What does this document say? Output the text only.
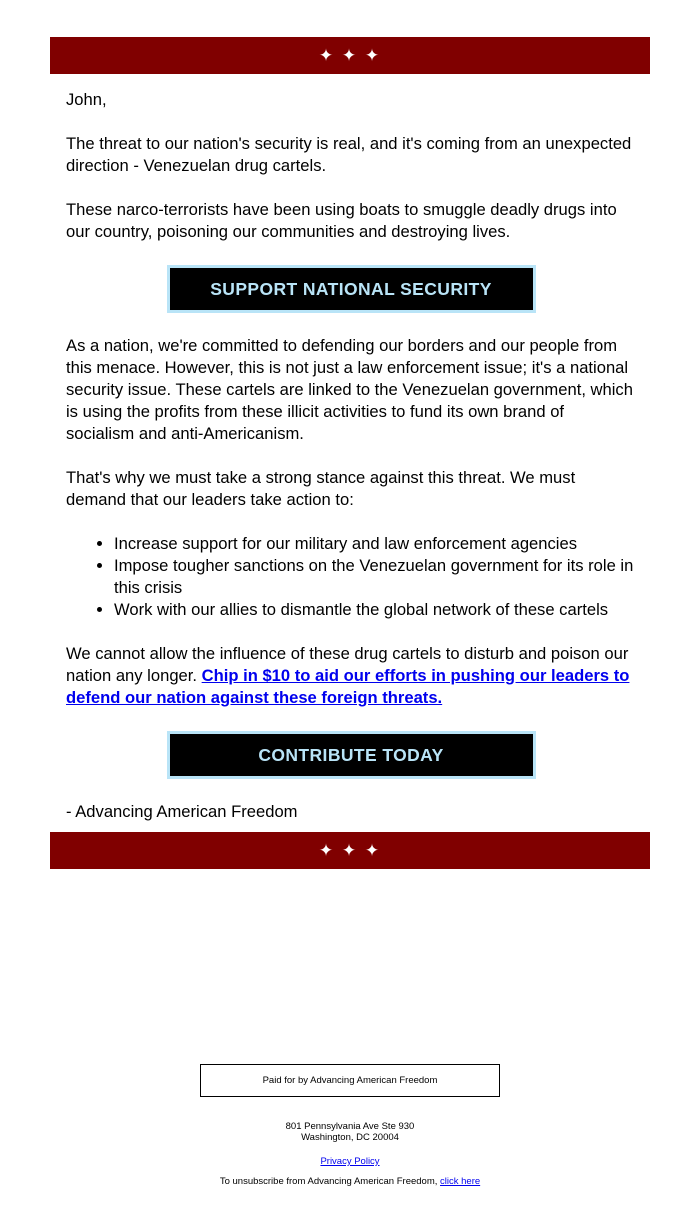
✦ ✦ ✦

John,

The threat to our nation's security is real, and it's coming from an unexpected direction - Venezuelan drug cartels.

These narco-terrorists have been using boats to smuggle deadly drugs into our country, poisoning our communities and destroying lives.

SUPPORT NATIONAL SECURITY

As a nation, we're committed to defending our borders and our people from this menace. However, this is not just a law enforcement issue; it's a national security issue. These cartels are linked to the Venezuelan government, which is using the profits from these illicit activities to fund its own brand of socialism and anti-Americanism.

That's why we must take a strong stance against this threat. We must demand that our leaders take action to:

• Increase support for our military and law enforcement agencies
• Impose tougher sanctions on the Venezuelan government for its role in this crisis
• Work with our allies to dismantle the global network of these cartels

We cannot allow the influence of these drug cartels to disturb and poison our nation any longer. Chip in $10 to aid our efforts in pushing our leaders to defend our nation against these foreign threats.

CONTRIBUTE TODAY

- Advancing American Freedom

✦ ✦ ✦
Paid for by Advancing American Freedom
801 Pennsylvania Ave Ste 930
Washington, DC 20004
Privacy Policy
To unsubscribe from Advancing American Freedom, click here
